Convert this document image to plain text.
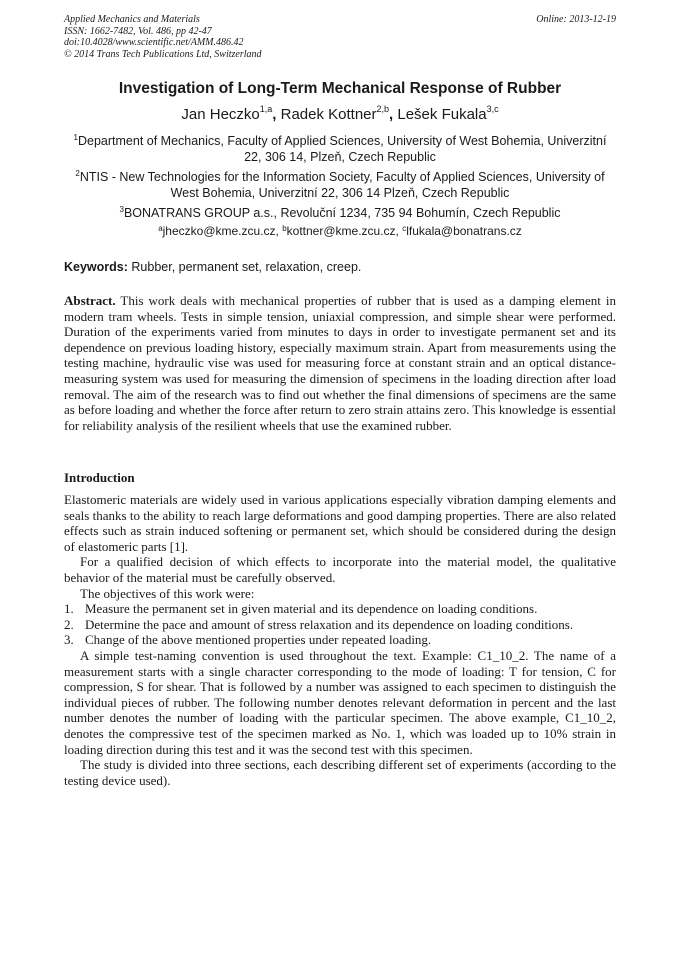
Applied Mechanics and Materials
ISSN: 1662-7482, Vol. 486, pp 42-47
doi:10.4028/www.scientific.net/AMM.486.42
© 2014 Trans Tech Publications Ltd, Switzerland
Online: 2013-12-19
Investigation of Long-Term Mechanical Response of Rubber
Jan Heczko$^{1,a}$, Radek Kottner$^{2,b}$, Lešek Fukala$^{3,c}$
$^1$Department of Mechanics, Faculty of Applied Sciences, University of West Bohemia, Univerzitní 22, 306 14, Plzeň, Czech Republic
$^2$NTIS - New Technologies for the Information Society, Faculty of Applied Sciences, University of West Bohemia, Univerzitní 22, 306 14 Plzeň, Czech Republic
$^3$BONATRANS GROUP a.s., Revoluční 1234, 735 94 Bohumín, Czech Republic
$^a$jheczko@kme.zcu.cz, $^b$kottner@kme.zcu.cz, $^c$lfukala@bonatrans.cz
Keywords: Rubber, permanent set, relaxation, creep.
Abstract. This work deals with mechanical properties of rubber that is used as a damping element in modern tram wheels. Tests in simple tension, uniaxial compression, and simple shear were performed. Duration of the experiments varied from minutes to days in order to investigate permanent set and its dependence on previous loading history, especially maximum strain. Apart from measurements using the testing machine, hydraulic vise was used for measuring force at constant strain and an optical distance-measuring system was used for measuring the dimension of specimens in the loading direction after load removal. The aim of the research was to find out whether the final dimensions of specimens are the same as before loading and whether the force after return to zero strain attains zero. This knowledge is essential for reliability analysis of the resilient wheels that use the examined rubber.
Introduction

Elastomeric materials are widely used in various applications especially vibration damping elements and seals thanks to the ability to reach large deformations and good damping properties. There are also related effects such as strain induced softening or permanent set, which should be considered during the design of elastomeric parts [1].

For a qualified decision of which effects to incorporate into the material model, the qualitative behavior of the material must be carefully observed.

The objectives of this work were:

1. Measure the permanent set in given material and its dependence on loading conditions.
2. Determine the pace and amount of stress relaxation and its dependence on loading conditions.
3. Change of the above mentioned properties under repeated loading.

A simple test-naming convention is used throughout the text. Example: C1_10_2. The name of a measurement starts with a single character corresponding to the mode of loading: T for tension, C for compression, S for shear. That is followed by a number was assigned to each specimen to distinguish the individual pieces of rubber. The following number denotes relevant deformation in percent and the last number denotes the number of loading with the particular specimen. The above example, C1_10_2, denotes the compressive test of the specimen marked as No. 1, which was loaded up to 10% strain in loading direction during this test and it was the second test with this specimen.

The study is divided into three sections, each describing different set of experiments (according to the testing device used).
